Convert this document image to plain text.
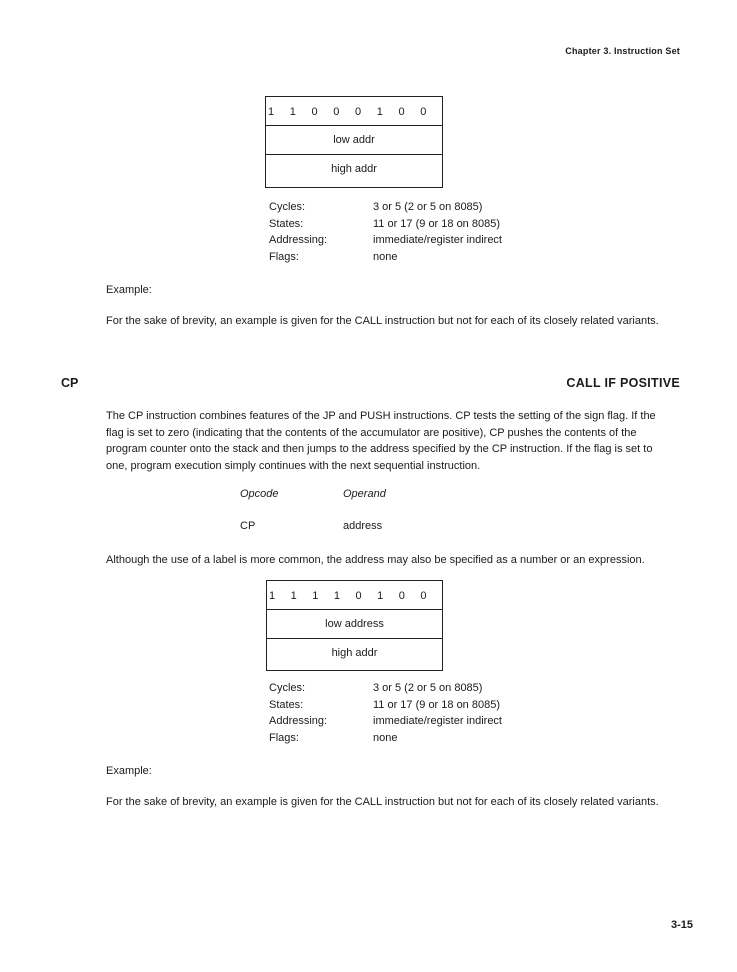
Chapter 3. Instruction Set
1	1	0	0	0	1	0	0
low addr
high addr
Cycles:	3 or 5 (2 or 5 on 8085)
States:	11 or 17 (9 or 18 on 8085)
Addressing:	immediate/register indirect
Flags:	none
Example:
For the sake of brevity, an example is given for the CALL instruction but not for each of its closely related variants.
CP	CALL IF POSITIVE
The CP instruction combines features of the JP and PUSH instructions. CP tests the setting of the sign flag. If the flag is set to zero (indicating that the contents of the accumulator are positive), CP pushes the contents of the program counter onto the stack and then jumps to the address specified by the CP instruction. If the flag is set to one, program execution simply continues with the next sequential instruction.
Opcode	Operand
CP	address
Although the use of a label is more common, the address may also be specified as a number or an expression.
1	1	1	1	0	1	0	0
low address
high addr
Cycles:	3 or 5 (2 or 5 on 8085)
States:	11 or 17 (9 or 18 on 8085)
Addressing:	immediate/register indirect
Flags:	none
Example:
For the sake of brevity, an example is given for the CALL instruction but not for each of its closely related variants.
3-15
